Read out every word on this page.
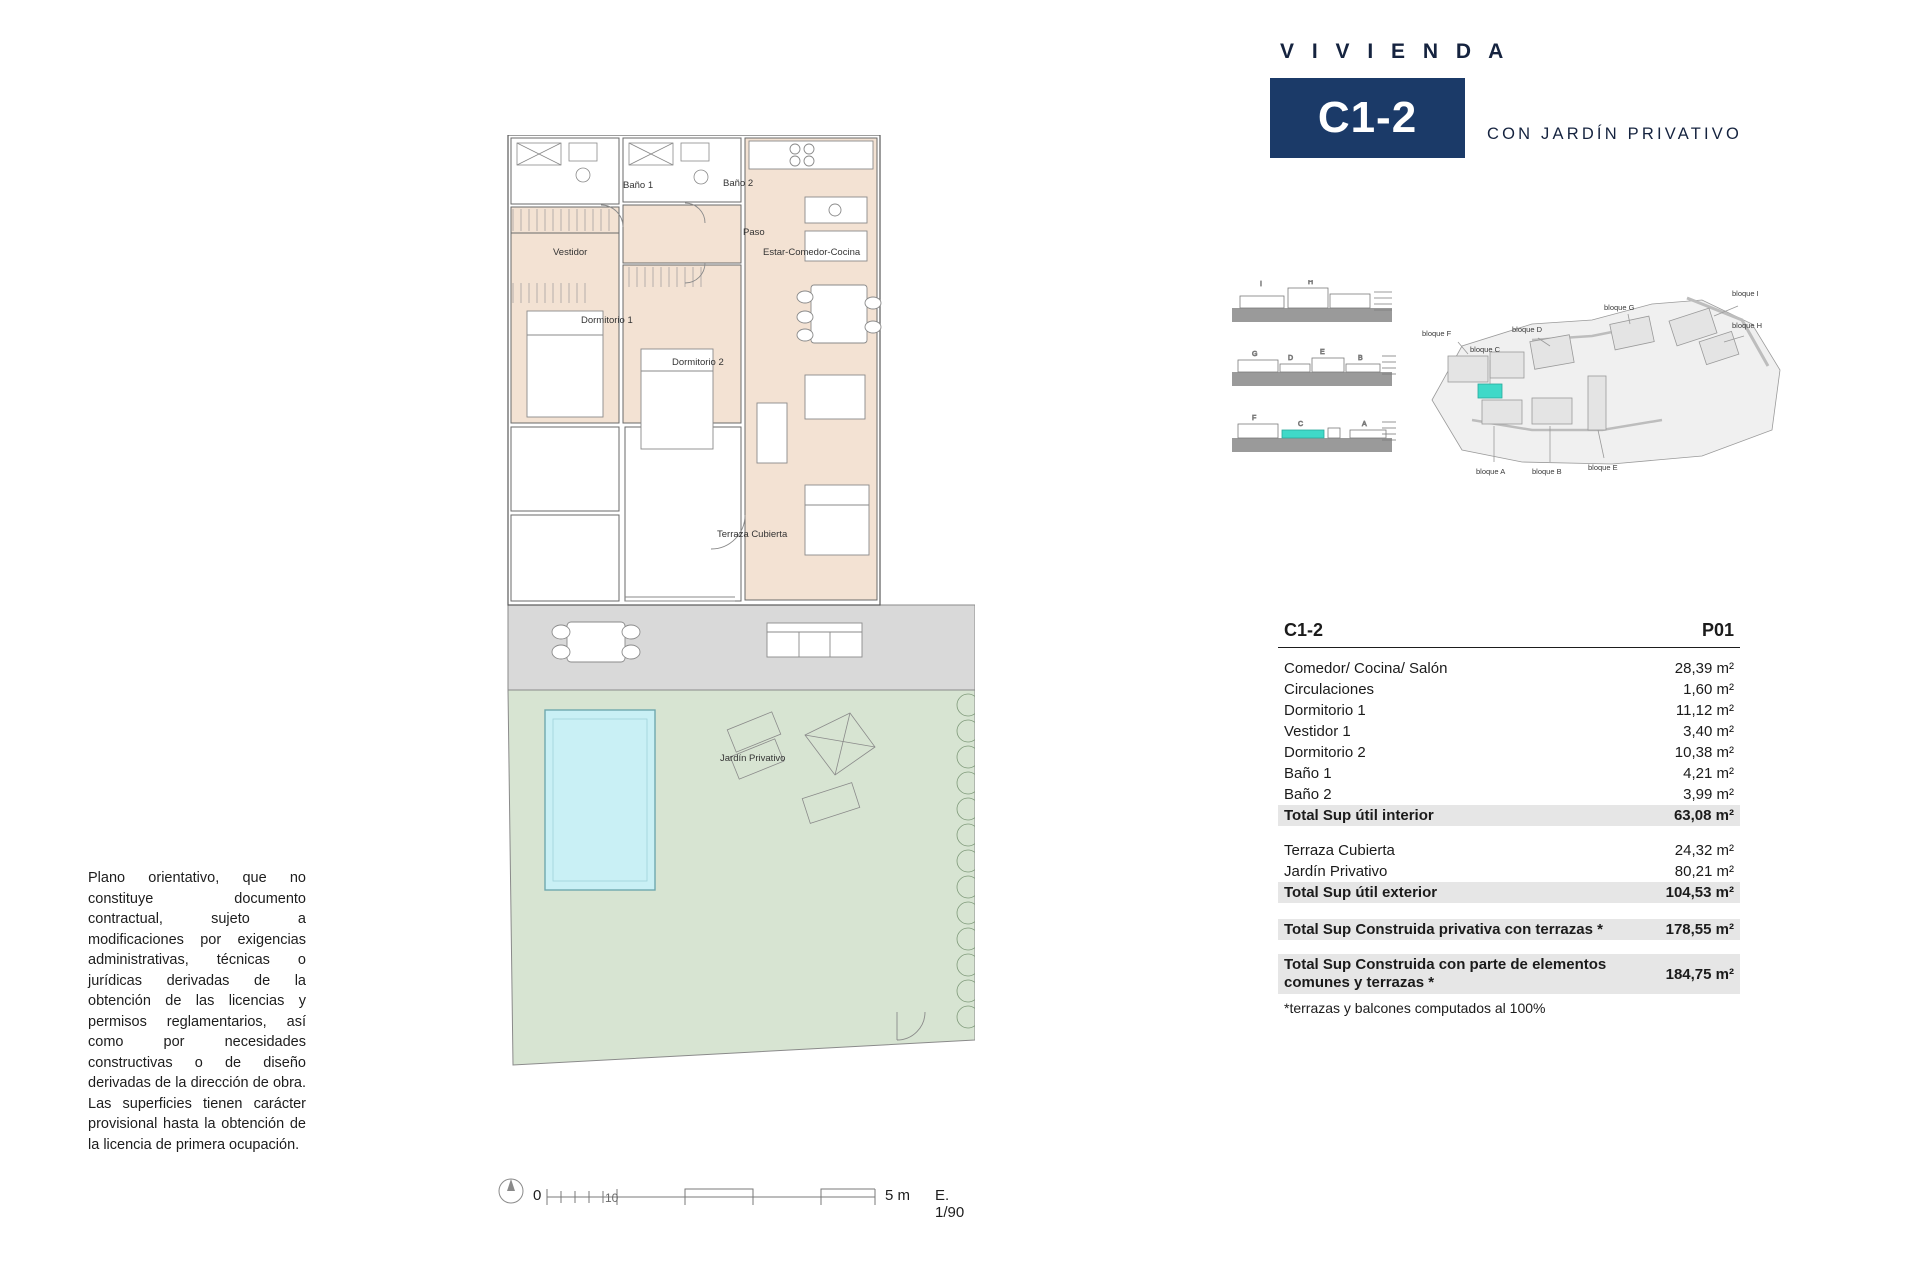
Plano orientativo, que no constituye documento contractual, sujeto a modificaciones por exigencias administrativas, técnicas o jurídicas derivadas de la obtención de las licencias y permisos reglamentarios, así como por necesidades constructivas o de diseño derivadas de la dirección de obra. Las superficies tienen carácter provisional hasta la obtención de la licencia de primera ocupación.
Baño 1	Baño 2
Paso
Vestidor	Estar-Comedor-Cocina
Dormitorio 1
Dormitorio 2
Terraza Cubierta
Jardín Privativo
0	10	5 m E. 1/90
V I V I E N D A
C1-2	CON JARDÍN PRIVATIVO
I	H
G
D
E
B
F
C	A
bloque I
bloque H
bloque G
bloque D
bloque F
bloque C
bloque A	bloque B	bloque E
C1-2	P01
Comedor/ Cocina/ Salón	28,39 m²
Circulaciones	1,60 m²
Dormitorio 1	11,12 m²
Vestidor 1	3,40 m²
Dormitorio 2	10,38 m²
Baño 1	4,21 m²
Baño 2	3,99 m²
Total Sup útil interior	63,08 m²
Terraza Cubierta	24,32 m²
Jardín Privativo	80,21 m²
Total Sup útil exterior	104,53 m²
Total Sup Construida privativa con terrazas *	178,55 m²
Total Sup Construida con parte de elementos comunes y terrazas *	184,75 m²
*terrazas y balcones computados al 100%
